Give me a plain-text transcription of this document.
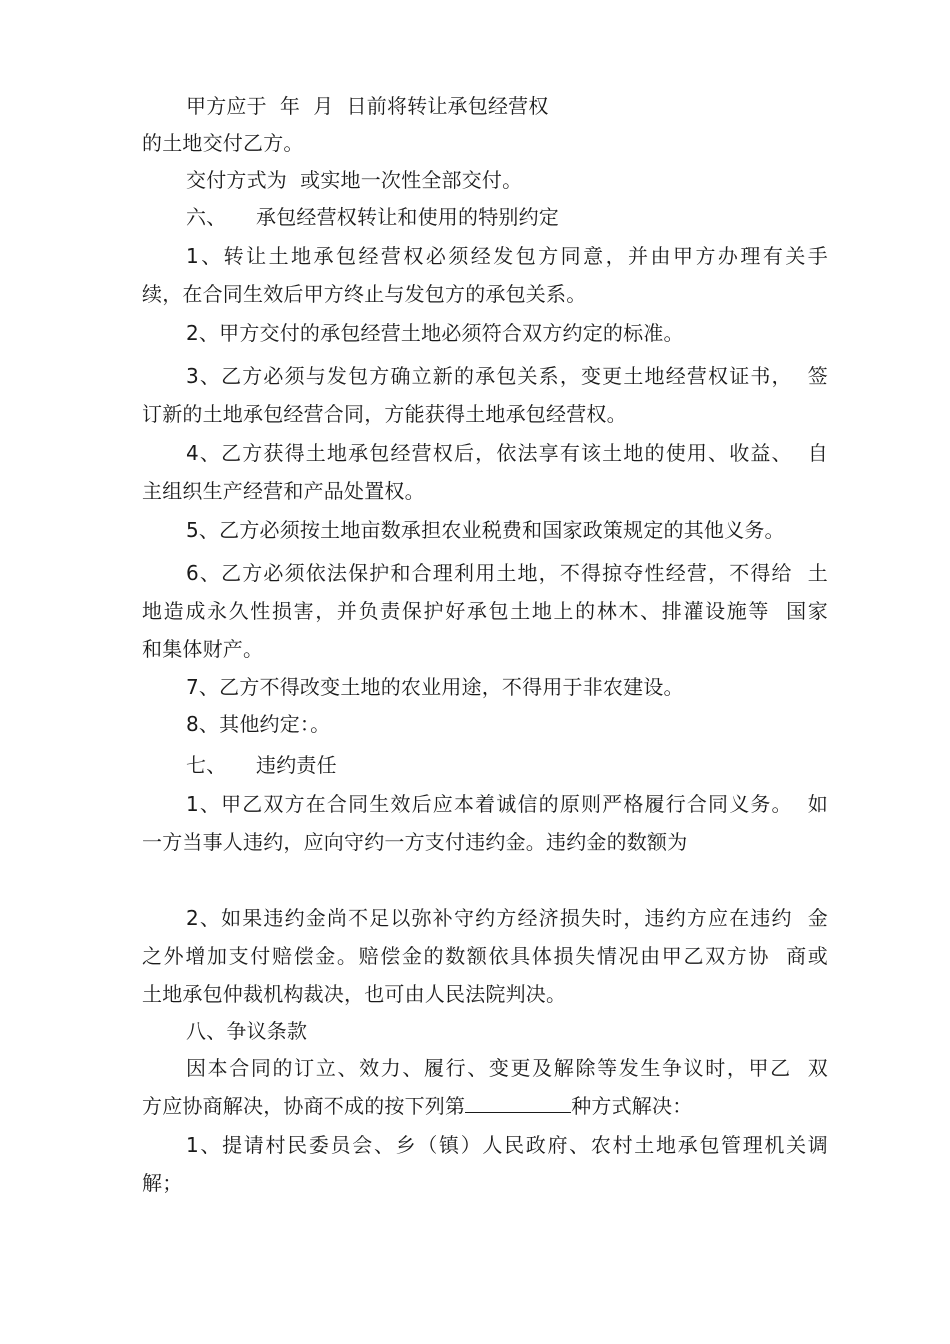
甲方应于  年  月  日前将转让承包经营权
的土地交付乙方。
交付方式为  或实地一次性全部交付。
六、 承包经营权转让和使用的特别约定
1、转让土地承包经营权必须经发包方同意，并由甲方办理有关手
续，在合同生效后甲方终止与发包方的承包关系。
2、甲方交付的承包经营土地必须符合双方约定的标准。
3、乙方必须与发包方确立新的承包关系，变更土地经营权证书，  签
订新的土地承包经营合同，方能获得土地承包经营权。
4、乙方获得土地承包经营权后，依法享有该土地的使用、收益、  自
主组织生产经营和产品处置权。
5、乙方必须按土地亩数承担农业税费和国家政策规定的其他义务。
6、乙方必须依法保护和合理利用土地，不得掠夺性经营，不得给  土
地造成永久性损害，并负责保护好承包土地上的林木、排灌设施等  国家
和集体财产。
7、乙方不得改变土地的农业用途，不得用于非农建设。
8、其他约定：。
七、 违约责任
1、甲乙双方在合同生效后应本着诚信的原则严格履行合同义务。  如
一方当事人违约，应向守约一方支付违约金。违约金的数额为
2、如果违约金尚不足以弥补守约方经济损失时，违约方应在违约  金
之外增加支付赔偿金。赔偿金的数额依具体损失情况由甲乙双方协  商或
土地承包仲裁机构裁决，也可由人民法院判决。
八、争议条款
因本合同的订立、效力、履行、变更及解除等发生争议时，甲乙  双
方应协商解决，协商不成的按下列第	种方式解决：
1、提请村民委员会、乡（镇）人民政府、农村土地承包管理机关调
解；
